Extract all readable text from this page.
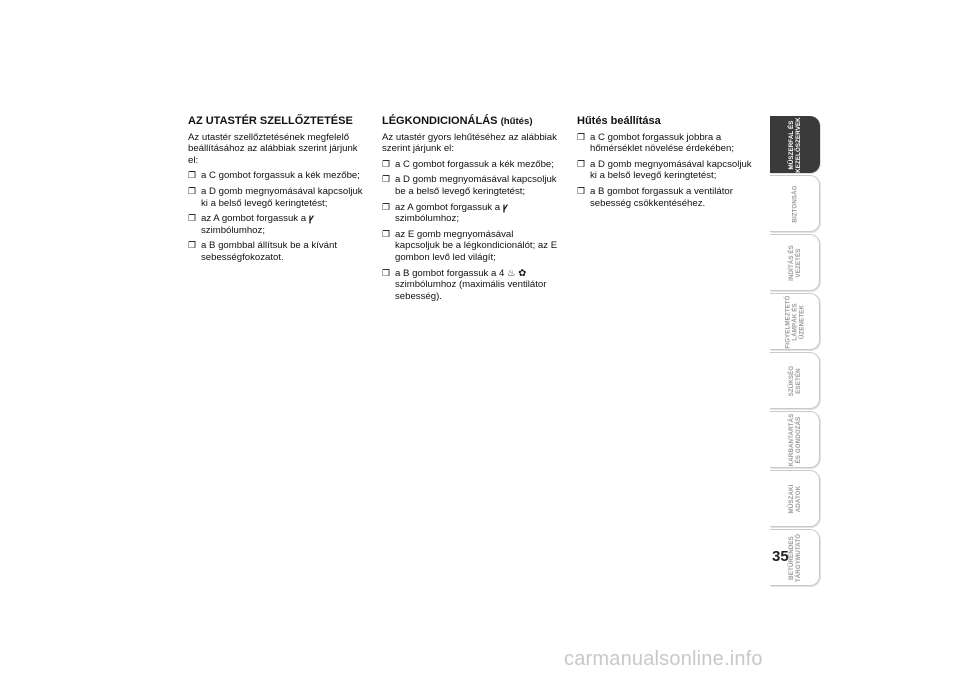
AZ UTASTÉR SZELLŐZTETÉSE

Az utastér szellőztetésének megfelelő beállításához az alábbiak szerint járjunk el:

❐ a C gombot forgassuk a kék mezőbe;
❐ a D gomb megnyomásával kapcsoljuk ki a belső levegő keringtetést;
❐ az A gombot forgassuk a ꝩ szimbólumhoz;
❐ a B gombbal állítsuk be a kívánt sebességfokozatot.
LÉGKONDICIONÁLÁS (hűtés)

Az utastér gyors lehűtéséhez az alábbiak szerint járjunk el:

❐ a C gombot forgassuk a kék mezőbe;
❐ a D gomb megnyomásával kapcsoljuk be a belső levegő keringtetést;
❐ az A gombot forgassuk a ꝩ szimbólumhoz;
❐ az E gomb megnyomásával kapcsoljuk be a légkondicionálót; az E gombon levő led világít;
❐ a B gombot forgassuk a 4 ♨ ✿ szimbólumhoz (maximális ventilátor sebesség).
Hűtés beállítása
❐ a C gombot forgassuk jobbra a hőmérséklet növelése érdekében;
❐ a D gomb megnyomásával kapcsoljuk ki a belső levegő keringtetést;
❐ a B gombot forgassuk a ventilátor sebesség csökkentéséhez.
MŰSZERFAL ÉS
KEZELŐSZERVEK
BIZTONSÁG
INDÍTÁS ÉS
VEZETÉS
FIGYELMEZTETŐ
LÁMPÁK ÉS
ÜZENETEK
SZÜKSÉG
ESETÉN
KARBANTARTÁS
ÉS GONDOZÁS
MŰSZAKI
ADATOK
BETŰRENDES
TÁRGYMUTATÓ
35
carmanualsonline.info
